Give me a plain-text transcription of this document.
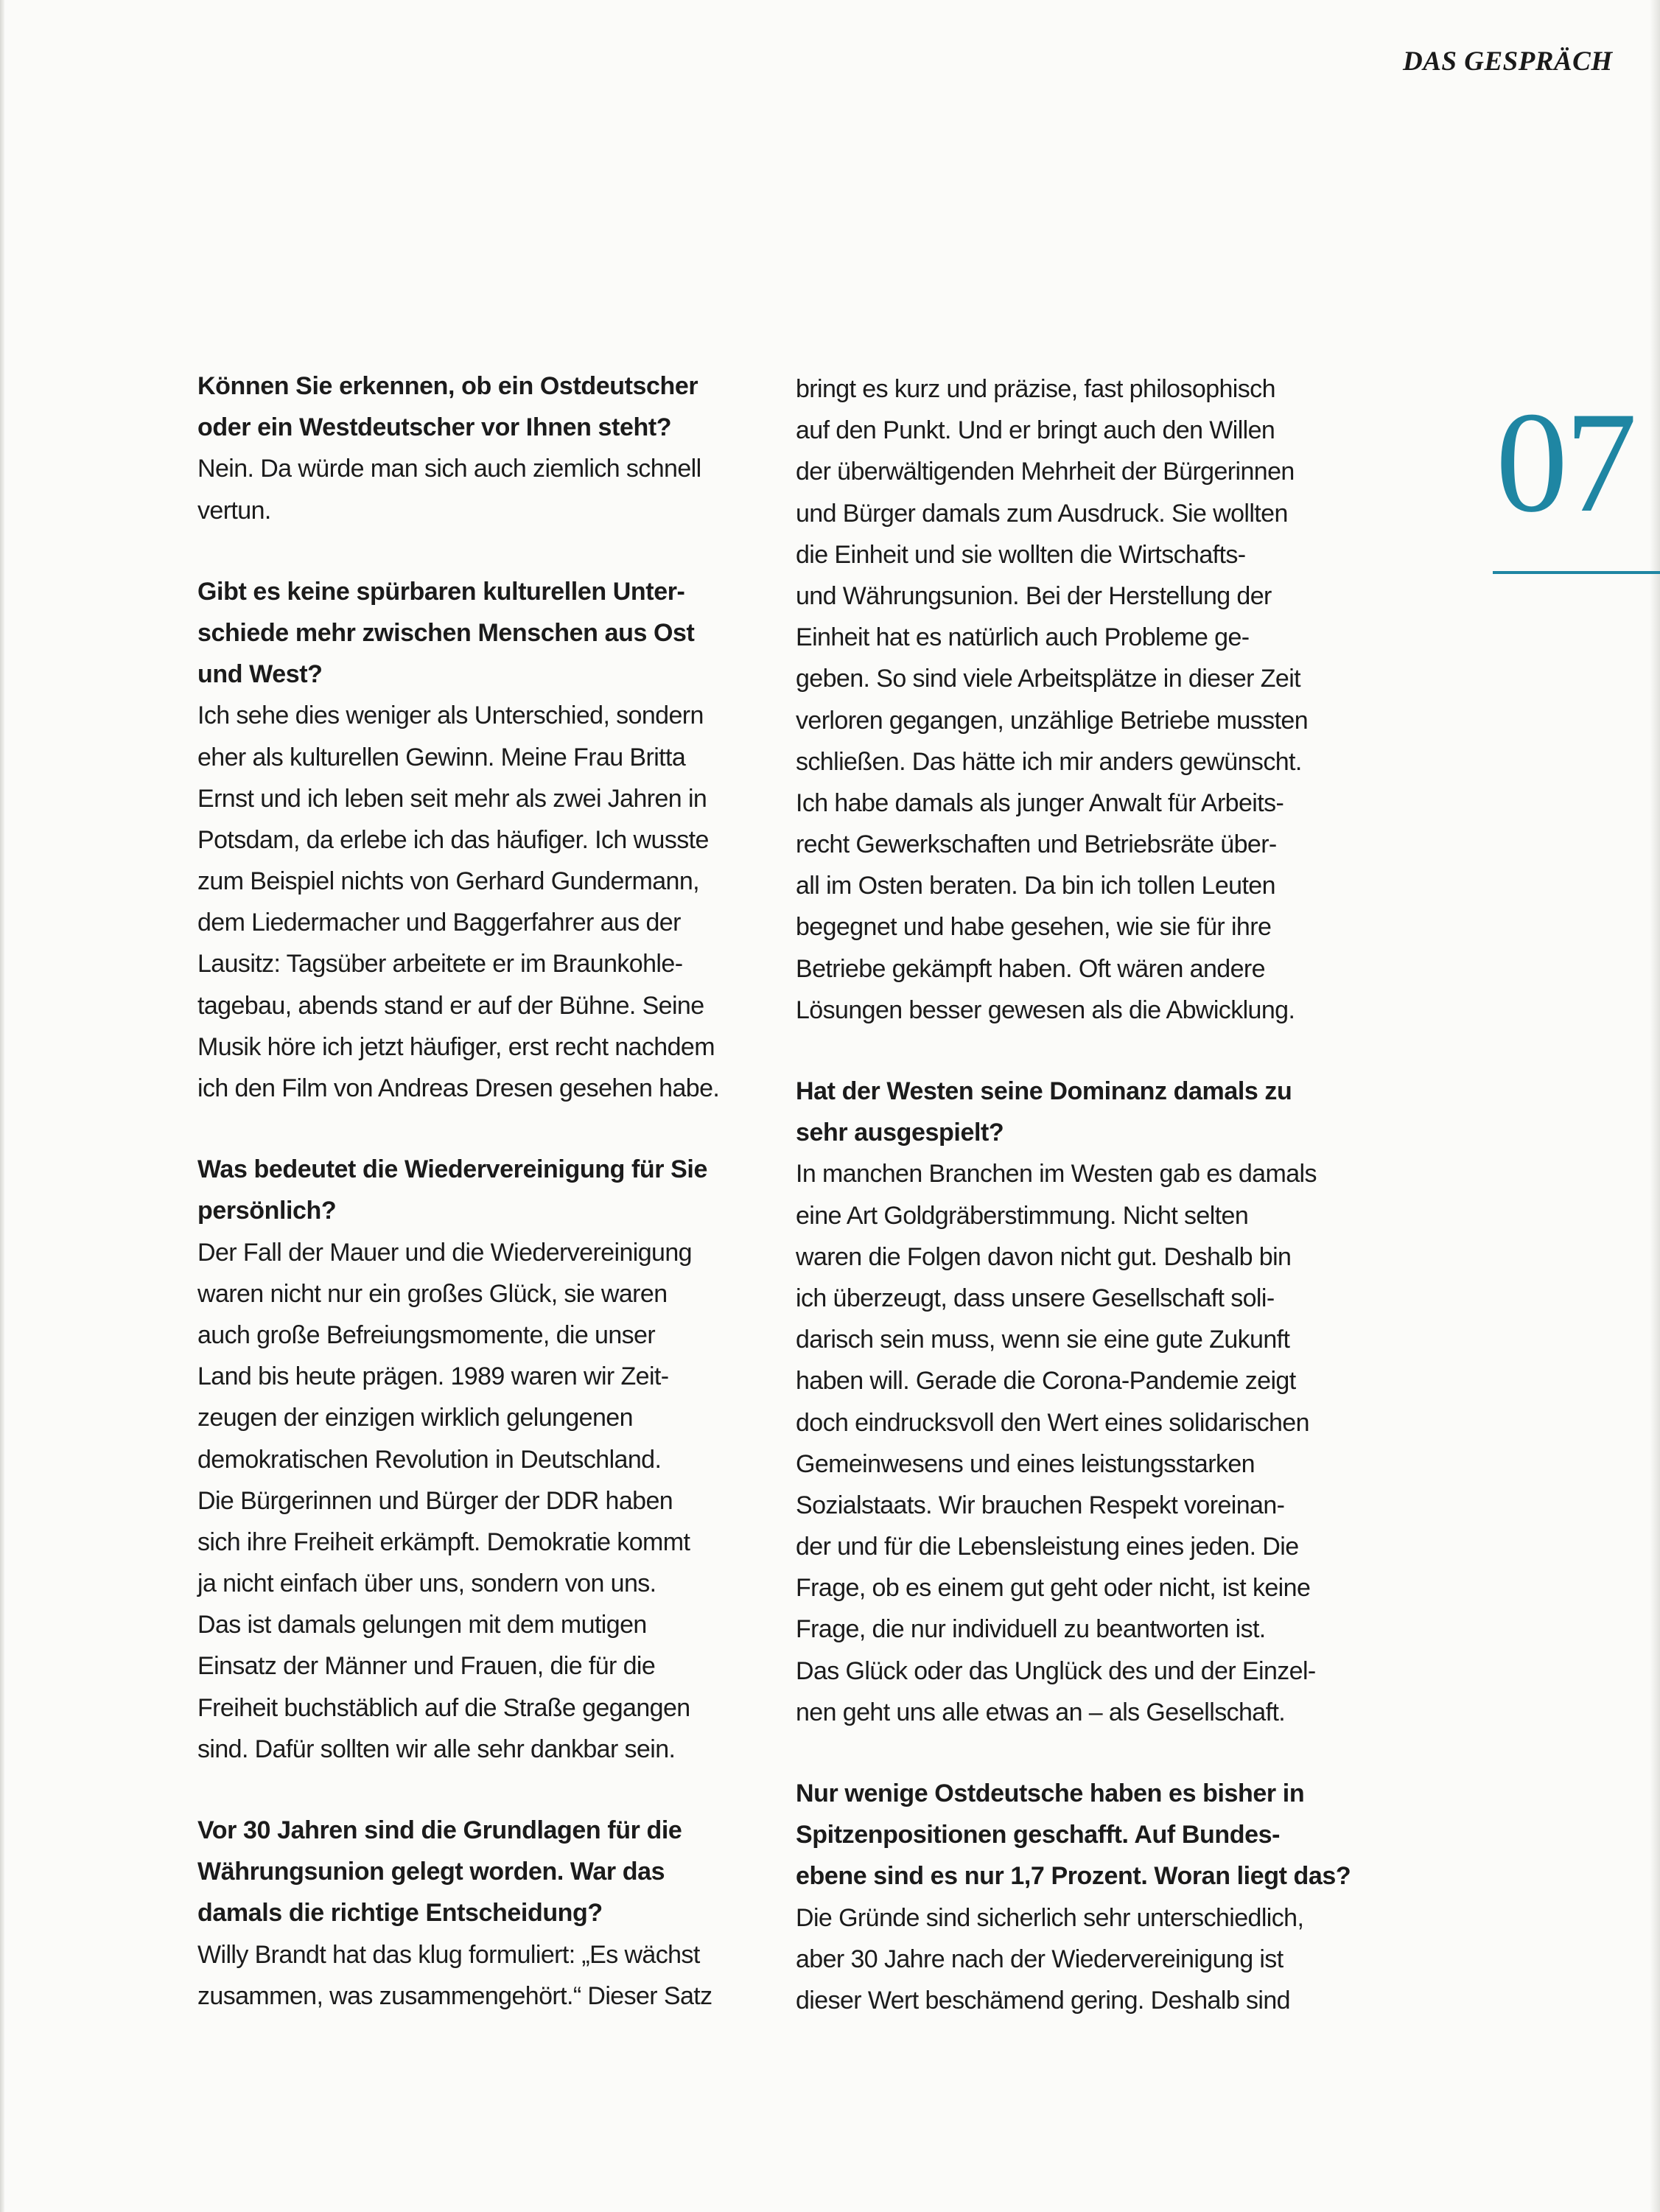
DAS GESPRÄCH
07
Können Sie erkennen, ob ein Ostdeutscher
oder ein Westdeutscher vor Ihnen steht?
Nein. Da würde man sich auch ziemlich schnell
vertun.
Gibt es keine spürbaren kulturellen Unter-
schiede mehr zwischen Menschen aus Ost
und West?
Ich sehe dies weniger als Unterschied, sondern
eher als kulturellen Gewinn. Meine Frau Britta
Ernst und ich leben seit mehr als zwei Jahren in
Potsdam, da erlebe ich das häufiger. Ich wusste
zum Beispiel nichts von Gerhard Gundermann,
dem Liedermacher und Baggerfahrer aus der
Lausitz: Tagsüber arbeitete er im Braunkohle-
tagebau, abends stand er auf der Bühne. Seine
Musik höre ich jetzt häufiger, erst recht nachdem
ich den Film von Andreas Dresen gesehen habe.
Was bedeutet die Wiedervereinigung für Sie
persönlich?
Der Fall der Mauer und die Wiedervereinigung
waren nicht nur ein großes Glück, sie waren
auch große Befreiungsmomente, die unser
Land bis heute prägen. 1989 waren wir Zeit-
zeugen der einzigen wirklich gelungenen
demokratischen Revolution in Deutschland.
Die Bürgerinnen und Bürger der DDR haben
sich ihre Freiheit erkämpft. Demokratie kommt
ja nicht einfach über uns, sondern von uns.
Das ist damals gelungen mit dem mutigen
Einsatz der Männer und Frauen, die für die
Freiheit buchstäblich auf die Straße gegangen
sind. Dafür sollten wir alle sehr dankbar sein.
Vor 30 Jahren sind die Grundlagen für die
Währungsunion gelegt worden. War das
damals die richtige Entscheidung?
Willy Brandt hat das klug formuliert: „Es wächst
zusammen, was zusammengehört.“ Dieser Satz
bringt es kurz und präzise, fast philosophisch
auf den Punkt. Und er bringt auch den Willen
der überwältigenden Mehrheit der Bürgerinnen
und Bürger damals zum Ausdruck. Sie wollten
die Einheit und sie wollten die Wirtschafts-
und Währungsunion. Bei der Herstellung der
Einheit hat es natürlich auch Probleme ge-
geben. So sind viele Arbeitsplätze in dieser Zeit
verloren gegangen, unzählige Betriebe mussten
schließen. Das hätte ich mir anders gewünscht.
Ich habe damals als junger Anwalt für Arbeits-
recht Gewerkschaften und Betriebsräte über-
all im Osten beraten. Da bin ich tollen Leuten
begegnet und habe gesehen, wie sie für ihre
Betriebe gekämpft haben. Oft wären andere
Lösungen besser gewesen als die Abwicklung.
Hat der Westen seine Dominanz damals zu
sehr ausgespielt?
In manchen Branchen im Westen gab es damals
eine Art Goldgräberstimmung. Nicht selten
waren die Folgen davon nicht gut. Deshalb bin
ich überzeugt, dass unsere Gesellschaft soli-
darisch sein muss, wenn sie eine gute Zukunft
haben will. Gerade die Corona-Pandemie zeigt
doch eindrucksvoll den Wert eines solidarischen
Gemeinwesens und eines leistungsstarken
Sozialstaats. Wir brauchen Respekt voreinan-
der und für die Lebensleistung eines jeden. Die
Frage, ob es einem gut geht oder nicht, ist keine
Frage, die nur individuell zu beantworten ist.
Das Glück oder das Unglück des und der Einzel-
nen geht uns alle etwas an – als Gesellschaft.
Nur wenige Ostdeutsche haben es bisher in
Spitzenpositionen geschafft. Auf Bundes-
ebene sind es nur 1,7 Prozent. Woran liegt das?
Die Gründe sind sicherlich sehr unterschiedlich,
aber 30 Jahre nach der Wiedervereinigung ist
dieser Wert beschämend gering. Deshalb sind
